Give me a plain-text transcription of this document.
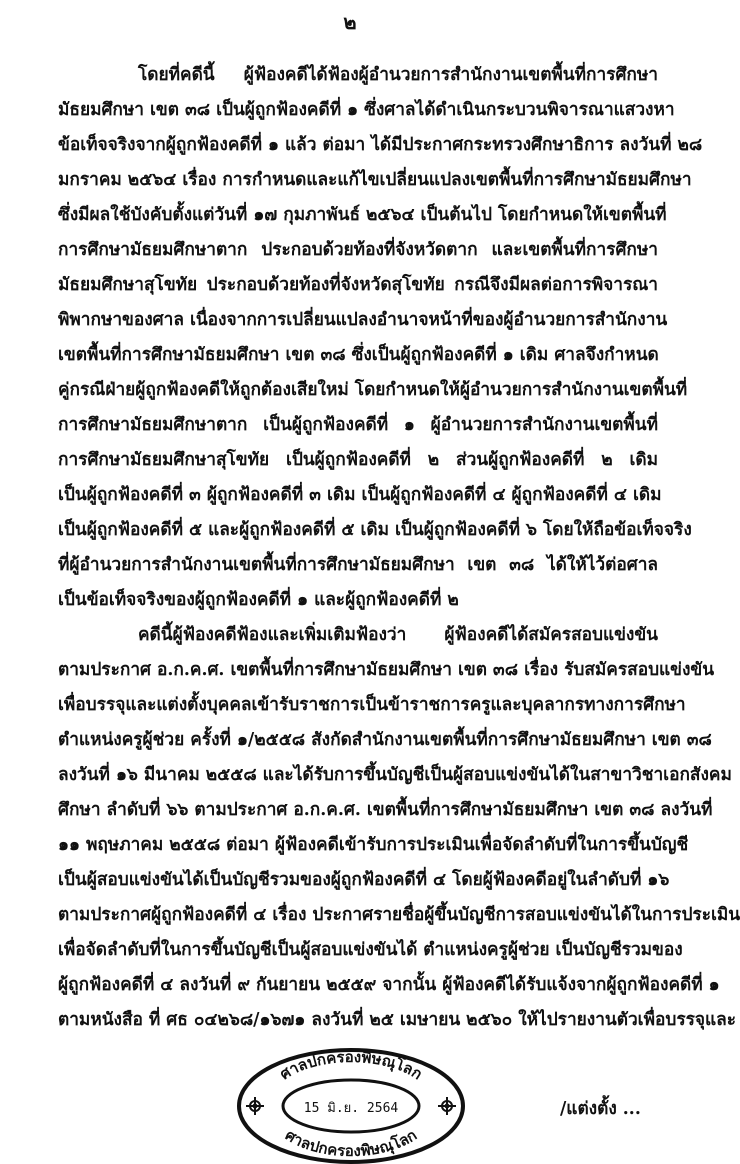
๒
โดยที่คดีนี้ ผู้ฟ้องคดีได้ฟ้องผู้อำนวยการสำนักงานเขตพื้นที่การศึกษา
มัธยมศึกษา เขต ๓๘ เป็นผู้ถูกฟ้องคดีที่ ๑ ซึ่งศาลได้ดำเนินกระบวนพิจารณาแสวงหา
ข้อเท็จจริงจากผู้ถูกฟ้องคดีที่ ๑ แล้ว ต่อมา ได้มีประกาศกระทรวงศึกษาธิการ ลงวันที่ ๒๘
มกราคม ๒๕๖๔ เรื่อง การกำหนดและแก้ไขเปลี่ยนแปลงเขตพื้นที่การศึกษามัธยมศึกษา
ซึ่งมีผลใช้บังคับตั้งแต่วันที่ ๑๗ กุมภาพันธ์ ๒๕๖๔ เป็นต้นไป โดยกำหนดให้เขตพื้นที่
การศึกษามัธยมศึกษาตาก ประกอบด้วยท้องที่จังหวัดตาก และเขตพื้นที่การศึกษา
มัธยมศึกษาสุโขทัย ประกอบด้วยท้องที่จังหวัดสุโขทัย กรณีจึงมีผลต่อการพิจารณา
พิพากษาของศาล เนื่องจากการเปลี่ยนแปลงอำนาจหน้าที่ของผู้อำนวยการสำนักงาน
เขตพื้นที่การศึกษามัธยมศึกษา เขต ๓๘ ซึ่งเป็นผู้ถูกฟ้องคดีที่ ๑ เดิม ศาลจึงกำหนด
คู่กรณีฝ่ายผู้ถูกฟ้องคดีให้ถูกต้องเสียใหม่ โดยกำหนดให้ผู้อำนวยการสำนักงานเขตพื้นที่
การศึกษามัธยมศึกษาตาก เป็นผู้ถูกฟ้องคดีที่ ๑ ผู้อำนวยการสำนักงานเขตพื้นที่
การศึกษามัธยมศึกษาสุโขทัย เป็นผู้ถูกฟ้องคดีที่ ๒ ส่วนผู้ถูกฟ้องคดีที่ ๒ เดิม
เป็นผู้ถูกฟ้องคดีที่ ๓ ผู้ถูกฟ้องคดีที่ ๓ เดิม เป็นผู้ถูกฟ้องคดีที่ ๔ ผู้ถูกฟ้องคดีที่ ๔ เดิม
เป็นผู้ถูกฟ้องคดีที่ ๕ และผู้ถูกฟ้องคดีที่ ๕ เดิม เป็นผู้ถูกฟ้องคดีที่ ๖ โดยให้ถือข้อเท็จจริง
ที่ผู้อำนวยการสำนักงานเขตพื้นที่การศึกษามัธยมศึกษา เขต ๓๘ ได้ให้ไว้ต่อศาล
เป็นข้อเท็จจริงของผู้ถูกฟ้องคดีที่ ๑ และผู้ถูกฟ้องคดีที่ ๒
คดีนี้ผู้ฟ้องคดีฟ้องและเพิ่มเติมฟ้องว่า ผู้ฟ้องคดีได้สมัครสอบแข่งขัน
ตามประกาศ อ.ก.ค.ศ. เขตพื้นที่การศึกษามัธยมศึกษา เขต ๓๘ เรื่อง รับสมัครสอบแข่งขัน
เพื่อบรรจุและแต่งตั้งบุคคลเข้ารับราชการเป็นข้าราชการครูและบุคลากรทางการศึกษา
ตำแหน่งครูผู้ช่วย ครั้งที่ ๑/๒๕๕๘ สังกัดสำนักงานเขตพื้นที่การศึกษามัธยมศึกษา เขต ๓๘
ลงวันที่ ๑๖ มีนาคม ๒๕๕๘ และได้รับการขึ้นบัญชีเป็นผู้สอบแข่งขันได้ในสาขาวิชาเอกสังคม
ศึกษา ลำดับที่ ๖๖ ตามประกาศ อ.ก.ค.ศ. เขตพื้นที่การศึกษามัธยมศึกษา เขต ๓๘ ลงวันที่
๑๑ พฤษภาคม ๒๕๕๘ ต่อมา ผู้ฟ้องคดีเข้ารับการประเมินเพื่อจัดลำดับที่ในการขึ้นบัญชี
เป็นผู้สอบแข่งขันได้เป็นบัญชีรวมของผู้ถูกฟ้องคดีที่ ๔ โดยผู้ฟ้องคดีอยู่ในลำดับที่ ๑๖
ตามประกาศผู้ถูกฟ้องคดีที่ ๔ เรื่อง ประกาศรายชื่อผู้ขึ้นบัญชีการสอบแข่งขันได้ในการประเมิน
เพื่อจัดลำดับที่ในการขึ้นบัญชีเป็นผู้สอบแข่งขันได้ ตำแหน่งครูผู้ช่วย เป็นบัญชีรวมของ
ผู้ถูกฟ้องคดีที่ ๔ ลงวันที่ ๙ กันยายน ๒๕๕๙ จากนั้น ผู้ฟ้องคดีได้รับแจ้งจากผู้ถูกฟ้องคดีที่ ๑
ตามหนังสือ ที่ ศธ ๐๔๒๖๘/๑๖๗๑ ลงวันที่ ๒๕ เมษายน ๒๕๖๐ ให้ไปรายงานตัวเพื่อบรรจุและ
/แต่งตั้ง ...
ศาลปกครองพิษณุโลก
15 มิ.ย. 2564
ศาลปกครองพิษณุโลก
